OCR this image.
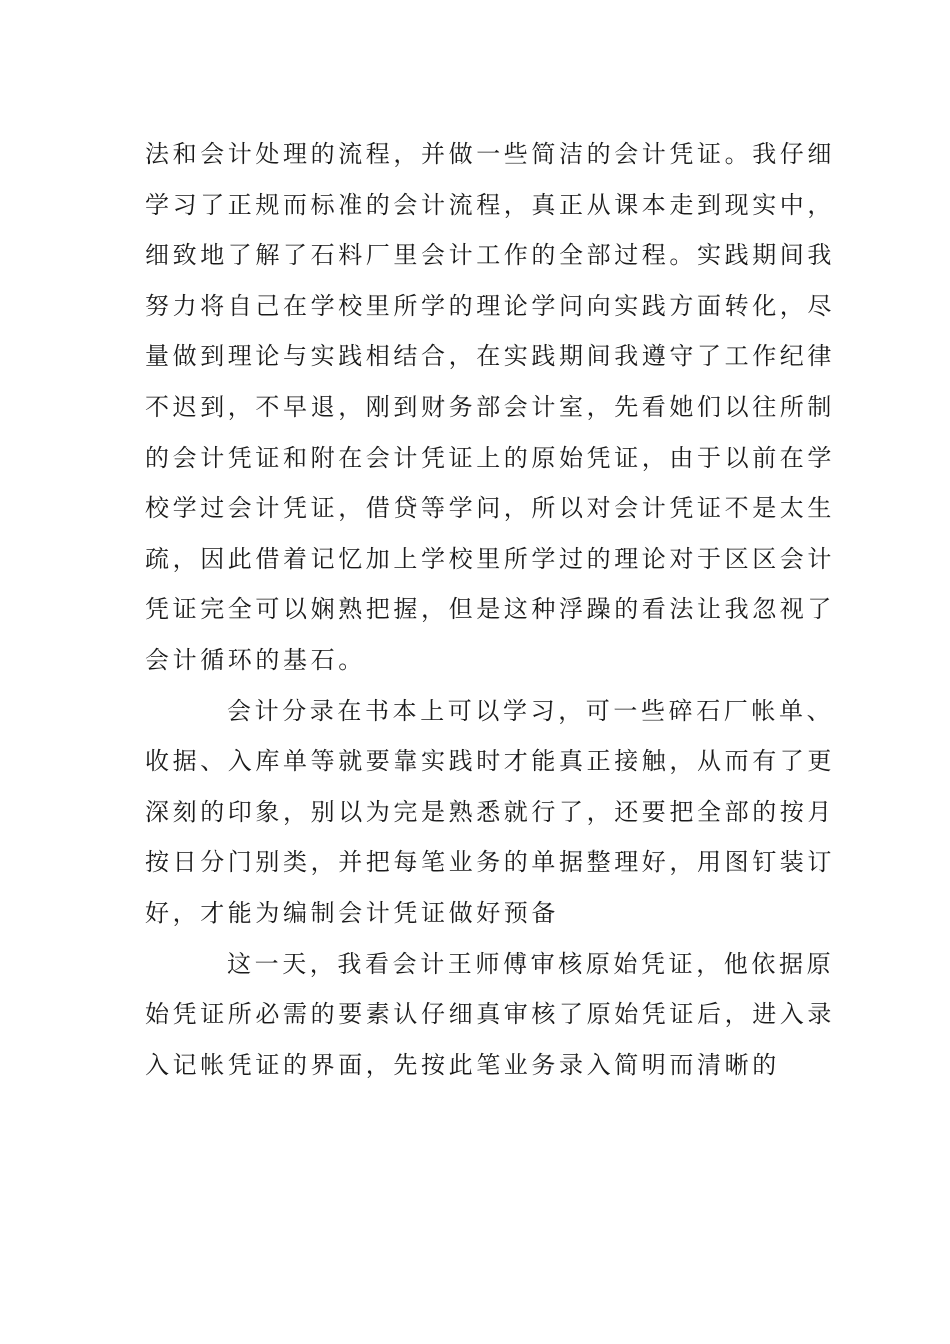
法和会计处理的流程，并做一些简洁的会计凭证。我仔细
学习了正规而标准的会计流程，真正从课本走到现实中，
细致地了解了石料厂里会计工作的全部过程。实践期间我
努力将自己在学校里所学的理论学问向实践方面转化，尽
量做到理论与实践相结合，在实践期间我遵守了工作纪律
不迟到，不早退，刚到财务部会计室，先看她们以往所制
的会计凭证和附在会计凭证上的原始凭证，由于以前在学
校学过会计凭证，借贷等学问，所以对会计凭证不是太生
疏，因此借着记忆加上学校里所学过的理论对于区区会计
凭证完全可以娴熟把握，但是这种浮躁的看法让我忽视了
会计循环的基石。

会计分录在书本上可以学习，可一些碎石厂帐单、
收据、入库单等就要靠实践时才能真正接触，从而有了更
深刻的印象，别以为完是熟悉就行了，还要把全部的按月
按日分门别类，并把每笔业务的单据整理好，用图钉装订
好，才能为编制会计凭证做好预备

这一天，我看会计王师傅审核原始凭证，他依据原
始凭证所必需的要素认仔细真审核了原始凭证后，进入录
入记帐凭证的界面，先按此笔业务录入简明而清晰的
